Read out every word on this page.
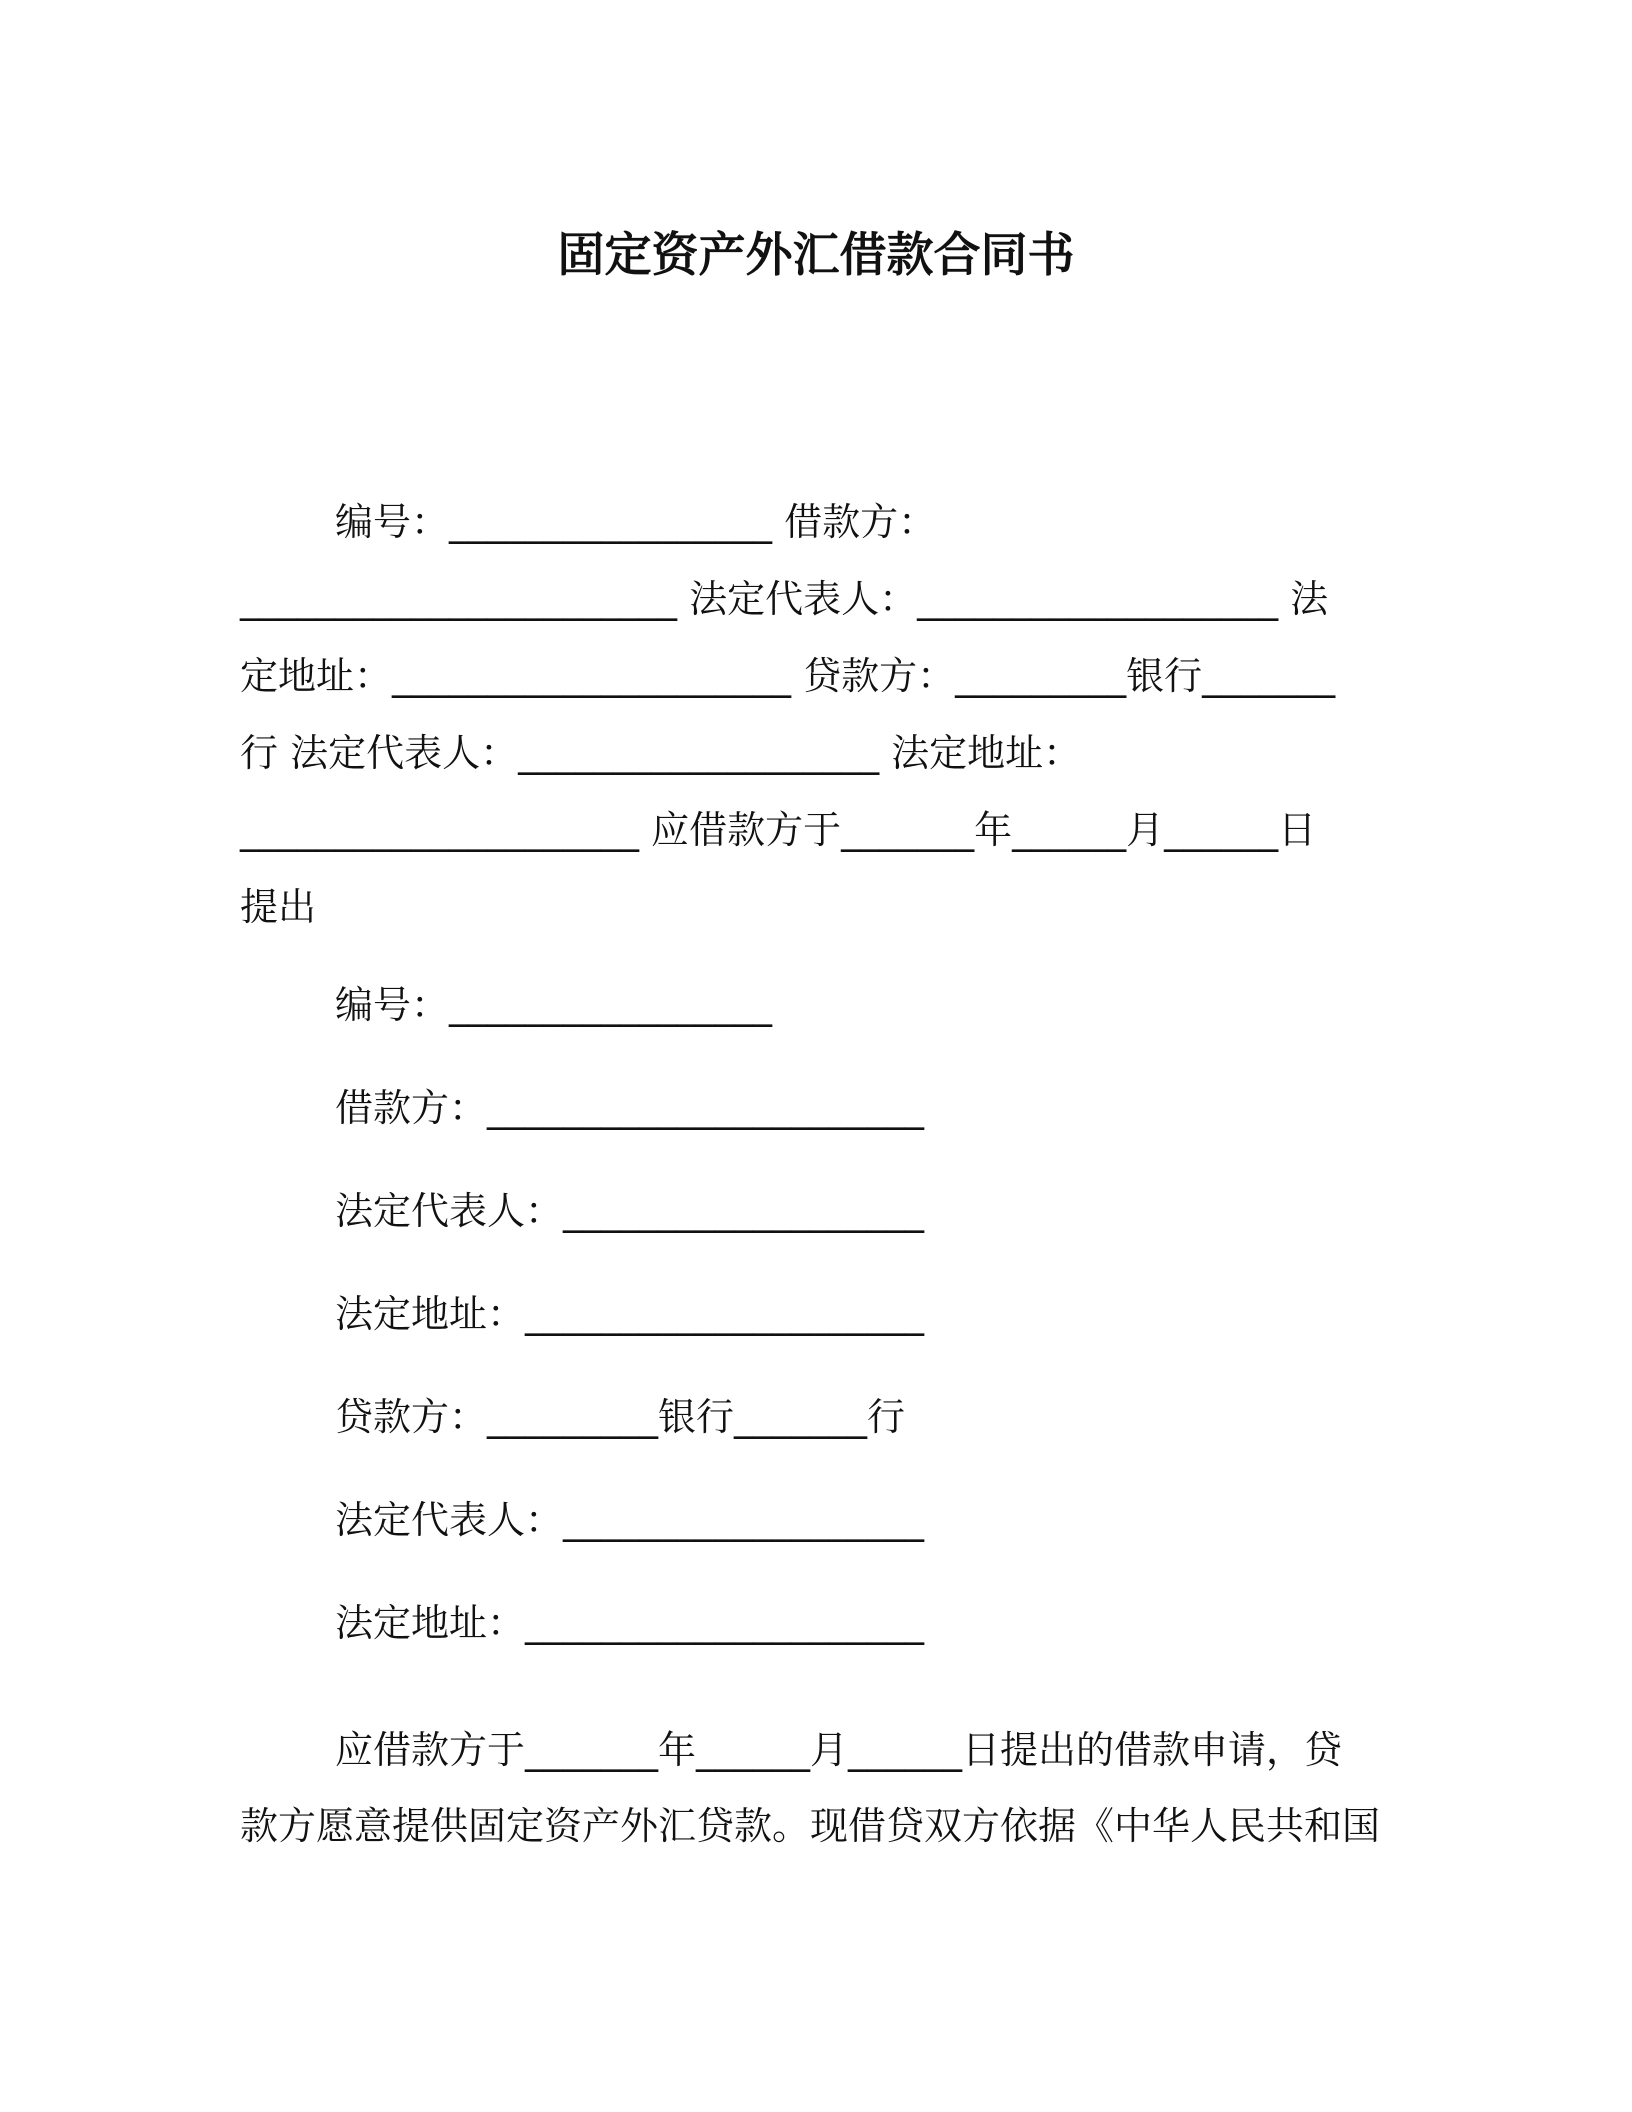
固定资产外汇借款合同书
编号：_________________ 借款方：
_______________________ 法定代表人：___________________ 法
定地址：_____________________ 贷款方：_________银行_______
行 法定代表人：___________________ 法定地址：
_____________________ 应借款方于_______年______月______日
提出
编号：_________________
借款方：_______________________
法定代表人：___________________
法定地址：_____________________
贷款方：_________银行_______行
法定代表人：___________________
法定地址：_____________________
应借款方于_______年______月______日提出的借款申请，贷
款方愿意提供固定资产外汇贷款。现借贷双方依据《中华人民共和国
